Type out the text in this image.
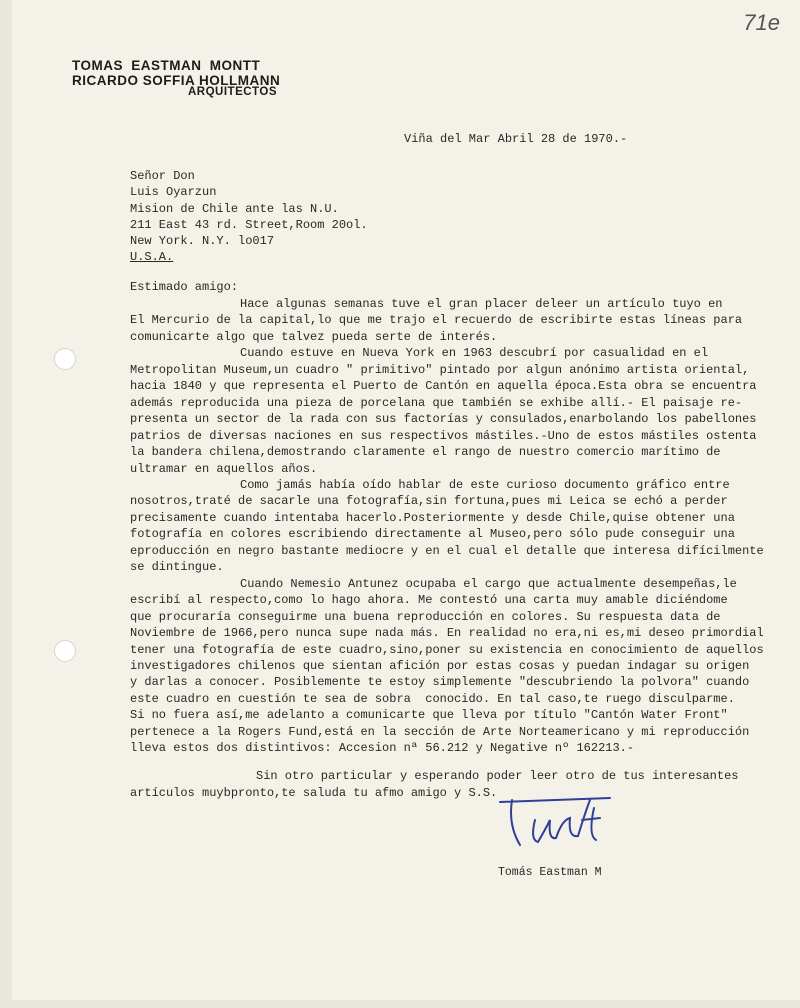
71e
TOMAS EASTMAN MONTT
RICARDO SOFFIA HOLLMANN
ARQUITECTOS
Viña del Mar Abril 28 de 1970.-
Señor Don
Luis Oyarzun
Mision de Chile ante las N.U.
211 East 43 rd. Street,Room 20ol.
New York. N.Y. lo017
U.S.A.
Estimado amigo:
Hace algunas semanas tuve el gran placer deleer un artículo tuyo en
El Mercurio de la capital,lo que me trajo el recuerdo de escribirte estas líneas para
comunicarte algo que talvez pueda serte de interés.
Cuando estuve en Nueva York en 1963 descubrí por casualidad en el
Metropolitan Museum,un cuadro " primitivo" pintado por algun anónimo artista oriental,
hacia 1840 y que representa el Puerto de Cantón en aquella época.Esta obra se encuentra
además reproducida una pieza de porcelana que también se exhibe allí.- El paisaje re-
presenta un sector de la rada con sus factorías y consulados,enarbolando los pabellones
patrios de diversas naciones en sus respectivos mástiles.-Uno de estos mástiles ostenta
la bandera chilena,demostrando claramente el rango de nuestro comercio marítimo de
ultramar en aquellos años.
Como jamás había oído hablar de este curioso documento gráfico entre
nosotros,traté de sacarle una fotografía,sin fortuna,pues mi Leica se echó a perder
precisamente cuando intentaba hacerlo.Posteriormente y desde Chile,quise obtener una
fotografía en colores escribiendo directamente al Museo,pero sólo pude conseguir una
eproducción en negro bastante mediocre y en el cual el detalle que interesa difícilmente
se dintingue.
Cuando Nemesio Antunez ocupaba el cargo que actualmente desempeñas,le
escribí al respecto,como lo hago ahora. Me contestó una carta muy amable diciéndome
que procuraría conseguirme una buena reproducción en colores. Su respuesta data de
Noviembre de 1966,pero nunca supe nada más. En realidad no era,ni es,mi deseo primordial
tener una fotografía de este cuadro,sino,poner su existencia en conocimiento de aquellos
investigadores chilenos que sientan afición por estas cosas y puedan indagar su origen
y darlas a conocer. Posiblemente te estoy simplemente "descubriendo la polvora" cuando
este cuadro en cuestión te sea de sobra  conocido. En tal caso,te ruego disculparme.
Si no fuera así,me adelanto a comunicarte que lleva por título "Cantón Water Front"
pertenece a la Rogers Fund,está en la sección de Arte Norteamericano y mi reproducción
lleva estos dos distintivos: Accesion nª 56.212 y Negative nº 162213.-
Sin otro particular y esperando poder leer otro de tus interesantes
artículos muybpronto,te saluda tu afmo amigo y S.S.
Tomás Eastman M
